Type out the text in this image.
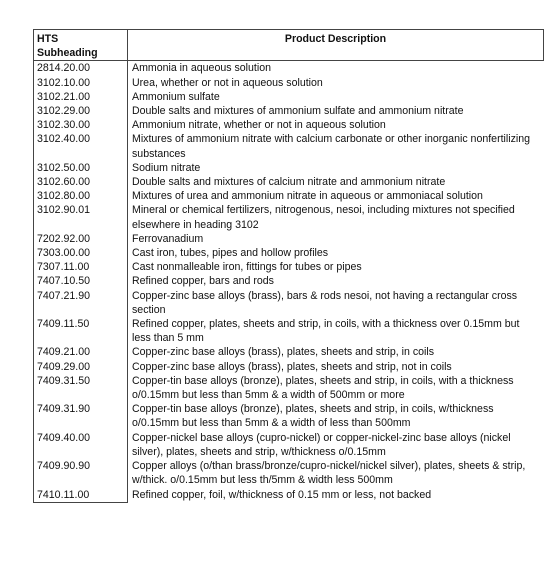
HTS
Subheading	Product Description
2814.20.00	Ammonia in aqueous solution
3102.10.00	Urea, whether or not in aqueous solution
3102.21.00	Ammonium sulfate
3102.29.00	Double salts and mixtures of ammonium sulfate and ammonium nitrate
3102.30.00	Ammonium nitrate, whether or not in aqueous solution
3102.40.00	Mixtures of ammonium nitrate with calcium carbonate or other inorganic nonfertilizing substances
3102.50.00	Sodium nitrate
3102.60.00	Double salts and mixtures of calcium nitrate and ammonium nitrate
3102.80.00	Mixtures of urea and ammonium nitrate in aqueous or ammoniacal solution
3102.90.01	Mineral or chemical fertilizers, nitrogenous, nesoi, including mixtures not specified elsewhere in heading 3102
7202.92.00	Ferrovanadium
7303.00.00	Cast iron, tubes, pipes and hollow profiles
7307.11.00	Cast nonmalleable iron, fittings for tubes or pipes
7407.10.50	Refined copper, bars and rods
7407.21.90	Copper-zinc base alloys (brass), bars & rods nesoi, not having a rectangular cross section
7409.11.50	Refined copper, plates, sheets and strip, in coils, with a thickness over 0.15mm but less than 5 mm
7409.21.00	Copper-zinc base alloys (brass), plates, sheets and strip, in coils
7409.29.00	Copper-zinc base alloys (brass), plates, sheets and strip, not in coils
7409.31.50	Copper-tin base alloys (bronze), plates, sheets and strip, in coils, with a thickness o/0.15mm but less than 5mm & a width of 500mm or more
7409.31.90	Copper-tin base alloys (bronze), plates, sheets and strip, in coils, w/thickness o/0.15mm but less than 5mm & a width of less than 500mm
7409.40.00	Copper-nickel base alloys (cupro-nickel) or copper-nickel-zinc base alloys (nickel silver), plates, sheets and strip, w/thickness o/0.15mm
7409.90.90	Copper alloys (o/than brass/bronze/cupro-nickel/nickel silver), plates, sheets & strip, w/thick. o/0.15mm but less th/5mm & width less 500mm
7410.11.00	Refined copper, foil, w/thickness of 0.15 mm or less, not backed
